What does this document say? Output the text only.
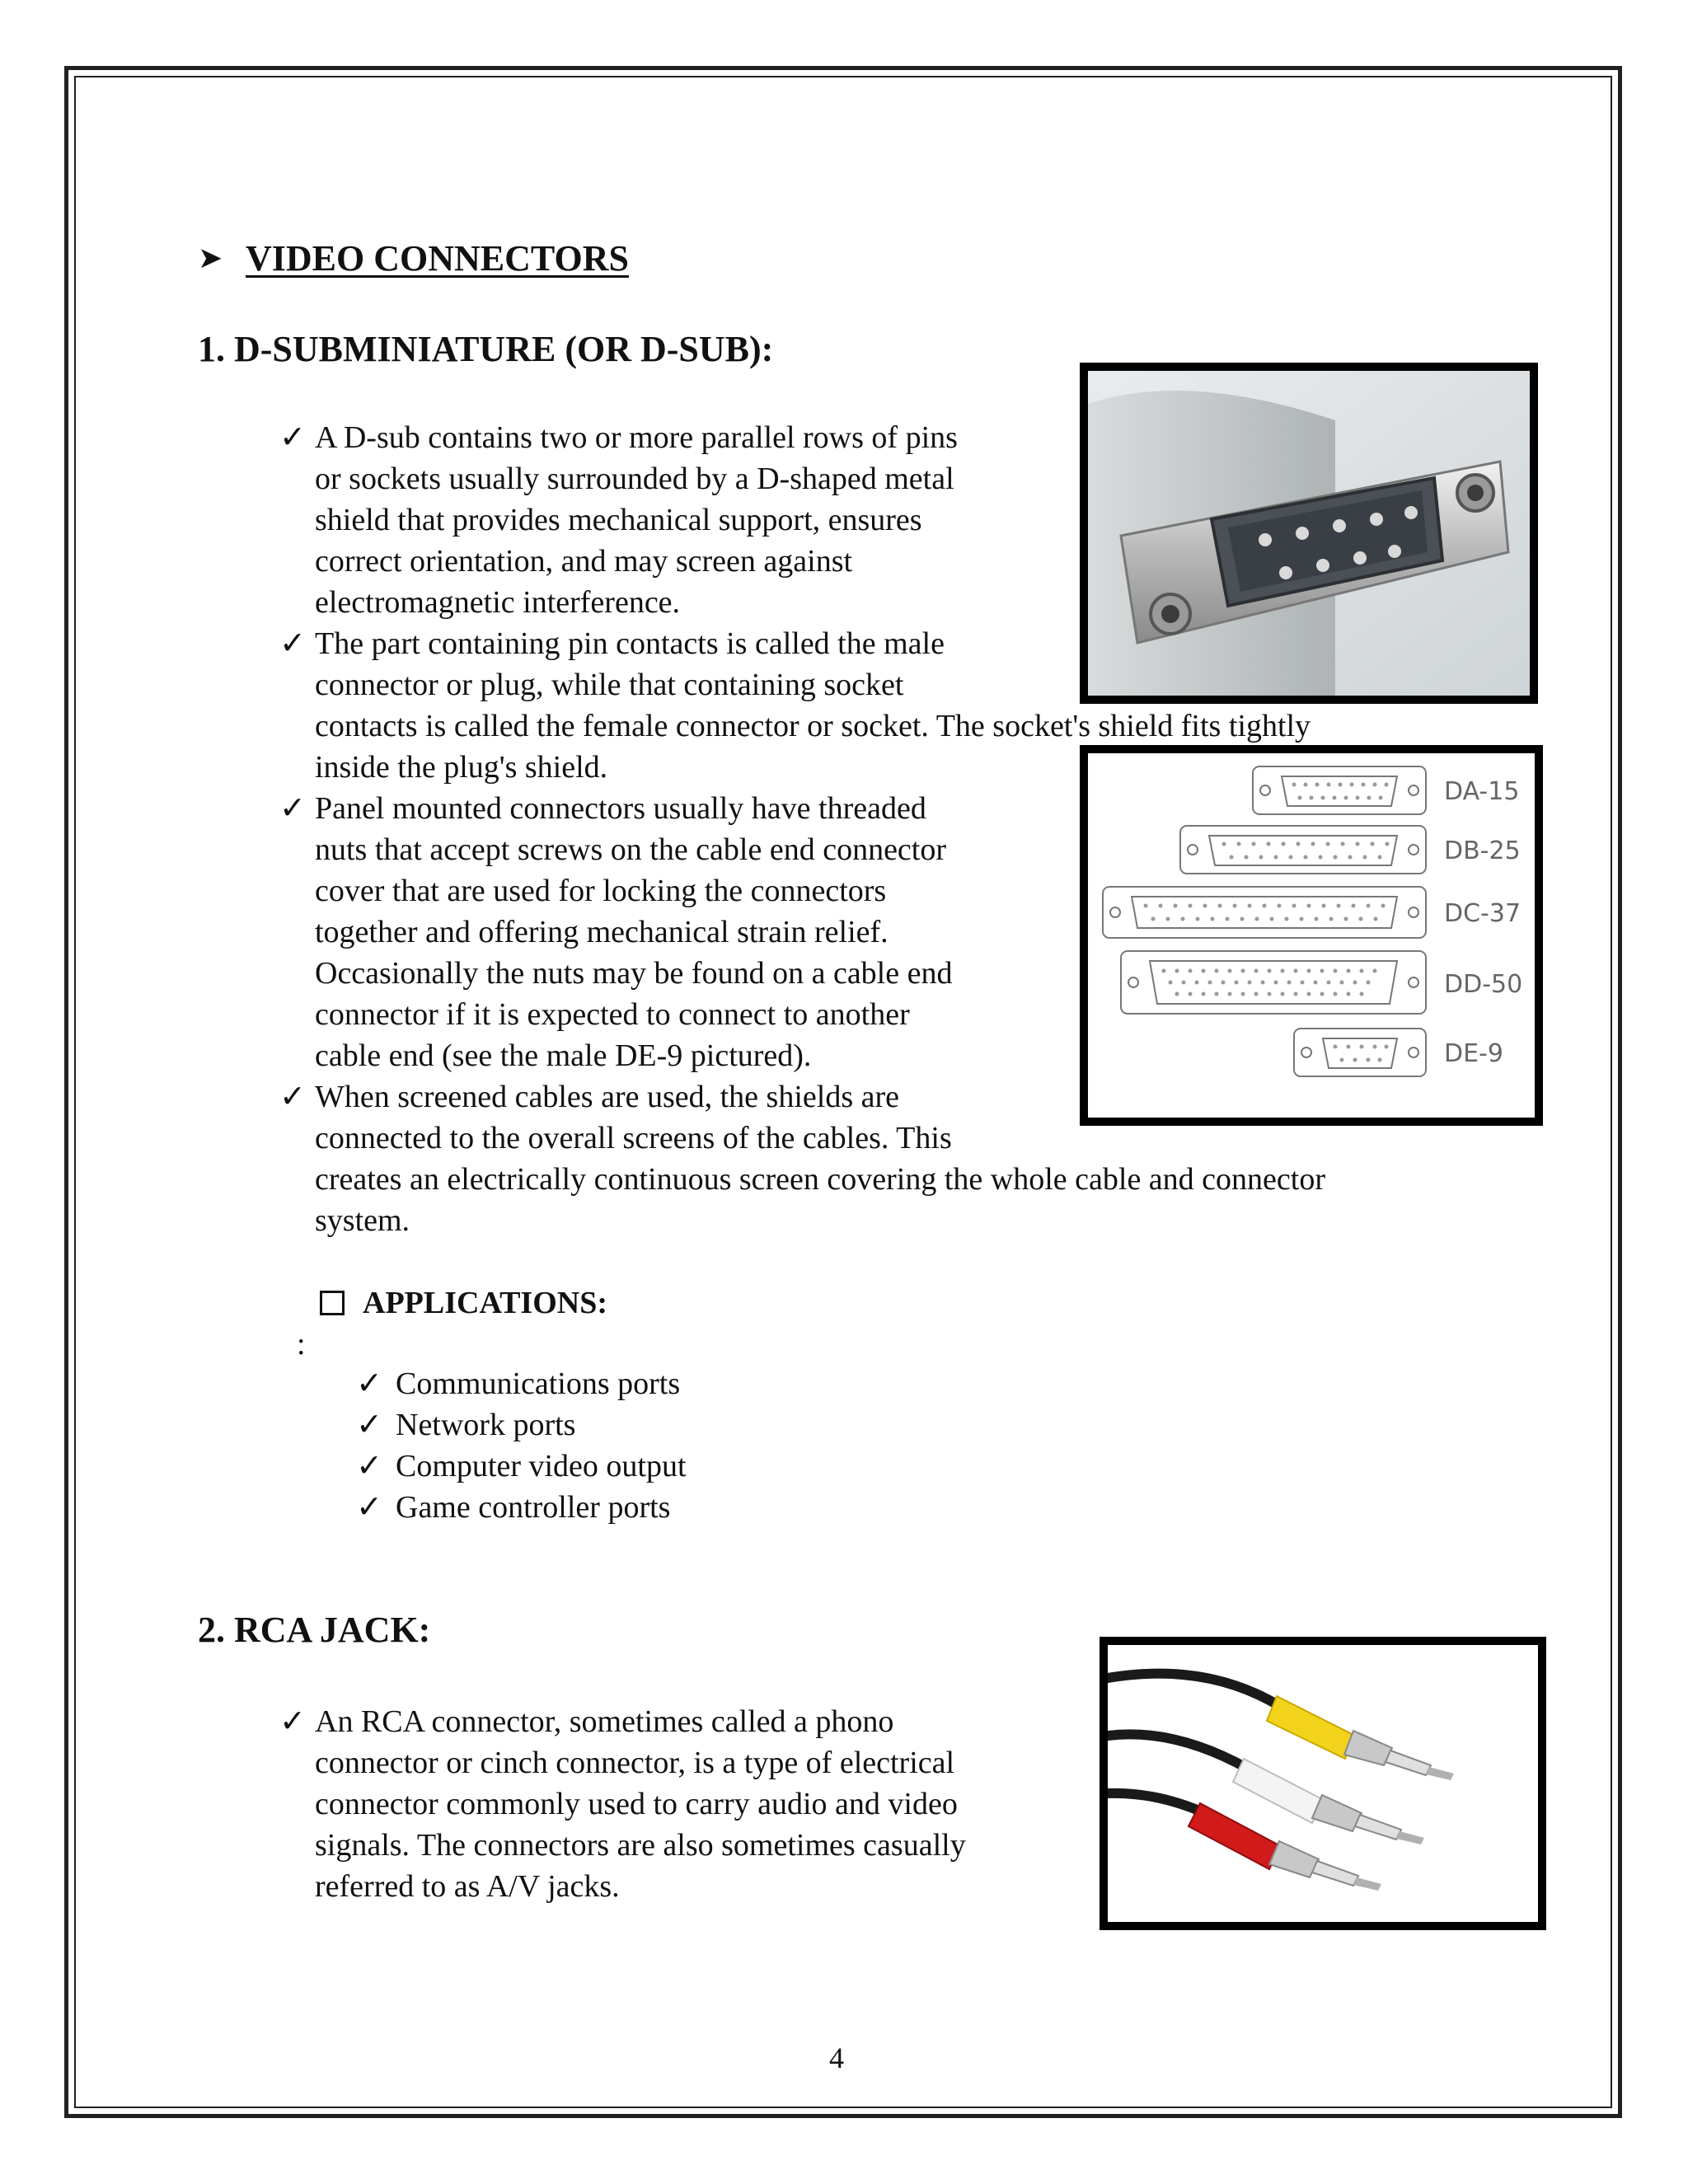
➤ VIDEO CONNECTORS
1. D-SUBMINIATURE (OR D-SUB):
✓ A D-sub contains two or more parallel rows of pins
or sockets usually surrounded by a D-shaped metal
shield that provides mechanical support, ensures
correct orientation, and may screen against
electromagnetic interference.
✓ The part containing pin contacts is called the male
connector or plug, while that containing socket
contacts is called the female connector or socket. The socket's shield fits tightly
inside the plug's shield.
✓ Panel mounted connectors usually have threaded
nuts that accept screws on the cable end connector
cover that are used for locking the connectors
together and offering mechanical strain relief.
Occasionally the nuts may be found on a cable end
connector if it is expected to connect to another
cable end (see the male DE-9 pictured).
✓ When screened cables are used, the shields are
connected to the overall screens of the cables. This
creates an electrically continuous screen covering the whole cable and connector
system.
APPLICATIONS:
:
✓ Communications ports
✓ Network ports
✓ Computer video output
✓ Game controller ports
DA-15
DB-25
DC-37
DD-50
DE-9
2. RCA JACK:
✓ An RCA connector, sometimes called a phono
connector or cinch connector, is a type of electrical
connector commonly used to carry audio and video
signals. The connectors are also sometimes casually
referred to as A/V jacks.
4
